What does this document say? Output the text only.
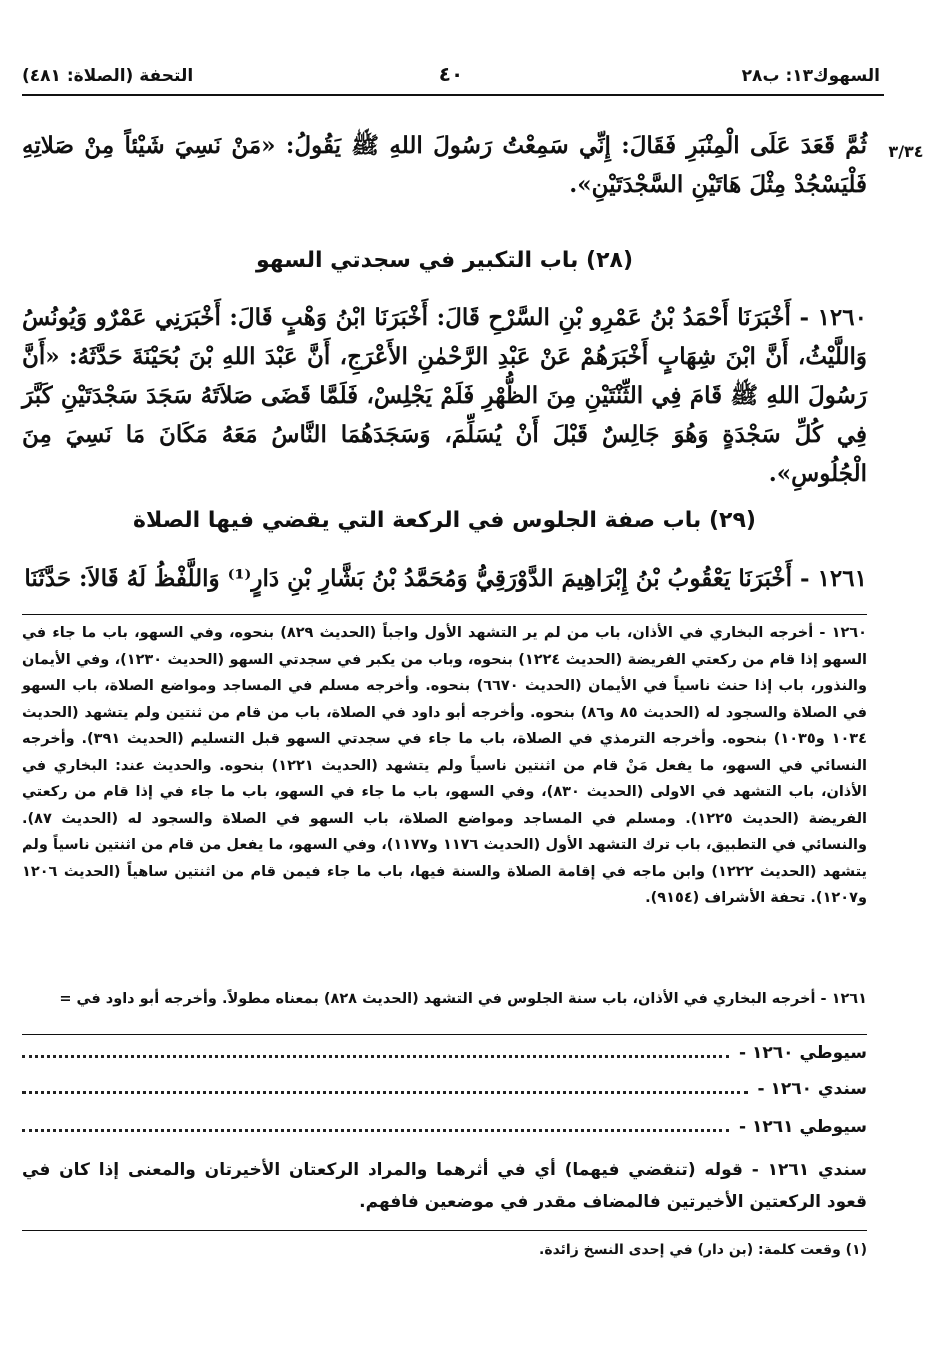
السهوك١٣: ب٢٨
٤٠
التحفة (الصلاة: ٤٨١)
٣/٣٤

ثُمَّ قَعَدَ عَلَى الْمِنْبَرِ فَقَالَ: إِنِّي سَمِعْتُ رَسُولَ اللهِ ﷺ يَقُولُ: «مَنْ نَسِيَ شَيْئاً مِنْ صَلاتِهِ فَلْيَسْجُدْ مِثْلَ هَاتَيْنِ السَّجْدَتَيْنِ».

(٢٨) باب التكبير في سجدتي السهو

١٢٦٠ - أَخْبَرَنَا أَحْمَدُ بْنُ عَمْرِو بْنِ السَّرْحِ قَالَ: أَخْبَرَنَا ابْنُ وَهْبٍ قَالَ: أَخْبَرَنِي عَمْرٌو وَيُونُسُ وَاللَّيْثُ، أَنَّ ابْنَ شِهَابٍ أَخْبَرَهُمْ عَنْ عَبْدِ الرَّحْمٰنِ الأَعْرَجِ، أَنَّ عَبْدَ اللهِ بْنَ بُحَيْنَةَ حَدَّثَهُ: «أَنَّ رَسُولَ اللهِ ﷺ قَامَ فِي الثِّنْتَيْنِ مِنَ الظُّهْرِ فَلَمْ يَجْلِسْ، فَلَمَّا قَضَى صَلاَتَهُ سَجَدَ سَجْدَتَيْنِ كَبَّرَ فِي كُلِّ سَجْدَةٍ وَهُوَ جَالِسٌ قَبْلَ أَنْ يُسَلِّمَ، وَسَجَدَهُمَا النَّاسُ مَعَهُ مَكَانَ مَا نَسِيَ مِنَ الْجُلُوسِ».

(٢٩) باب صفة الجلوس في الركعة التي يقضي فيها الصلاة

١٢٦١ - أَخْبَرَنَا يَعْقُوبُ بْنُ إِبْرَاهِيمَ الدَّوْرَقِيُّ وَمُحَمَّدُ بْنُ بَشَّارِ بْنِ دَارٍ⁽¹⁾ وَاللَّفْظُ لَهُ قَالاَ: حَدَّثَنَا

١٢٦٠ - أخرجه البخاري في الأذان، باب من لم ير التشهد الأول واجباً (الحديث ٨٢٩) بنحوه، وفي السهو، باب ما جاء في السهو إذا قام من ركعتي الفريضة (الحديث ١٢٢٤) بنحوه، وباب من يكبر في سجدتي السهو (الحديث ١٢٣٠)، وفي الأيمان والنذور، باب إذا حنث ناسياً في الأيمان (الحديث ٦٦٧٠) بنحوه. وأخرجه مسلم في المساجد ومواضع الصلاة، باب السهو في الصلاة والسجود له (الحديث ٨٥ و٨٦) بنحوه. وأخرجه أبو داود في الصلاة، باب من قام من ثنتين ولم يتشهد (الحديث ١٠٣٤ و١٠٣٥) بنحوه. وأخرجه الترمذي في الصلاة، باب ما جاء في سجدتي السهو قبل التسليم (الحديث ٣٩١). وأخرجه النسائي في السهو، ما يفعل مَنْ قام من اثنتين ناسياً ولم يتشهد (الحديث ١٢٢١) بنحوه. والحديث عند: البخاري في الأذان، باب التشهد في الاولى (الحديث ٨٣٠)، وفي السهو، باب ما جاء في السهو، باب ما جاء في إذا قام من ركعتي الفريضة (الحديث ١٢٢٥). ومسلم في المساجد ومواضع الصلاة، باب السهو في الصلاة والسجود له (الحديث ٨٧). والنسائي في التطبيق، باب ترك التشهد الأول (الحديث ١١٧٦ و١١٧٧)، وفي السهو، ما يفعل من قام من اثنتين ناسياً ولم يتشهد (الحديث ١٢٢٢) وابن ماجه في إقامة الصلاة والسنة فيها، باب ما جاء فيمن قام من اثنتين ساهياً (الحديث ١٢٠٦ و١٢٠٧). تحفة الأشراف (٩١٥٤).

١٢٦١ - أخرجه البخاري في الأذان، باب سنة الجلوس في التشهد (الحديث ٨٢٨) بمعناه مطولاً. وأخرجه أبو داود في =

سيوطي ١٢٦٠ -
سندي ١٢٦٠ -
سيوطي ١٢٦١ -

سندي ١٢٦١ - قوله (تنقضي فيهما) أي في أثرهما والمراد الركعتان الأخيرتان والمعنى إذا كان في قعود الركعتين الأخيرتين فالمضاف مقدر في موضعين فافهم.

(١) وقعت كلمة: (بن دار) في إحدى النسخ زائدة.
